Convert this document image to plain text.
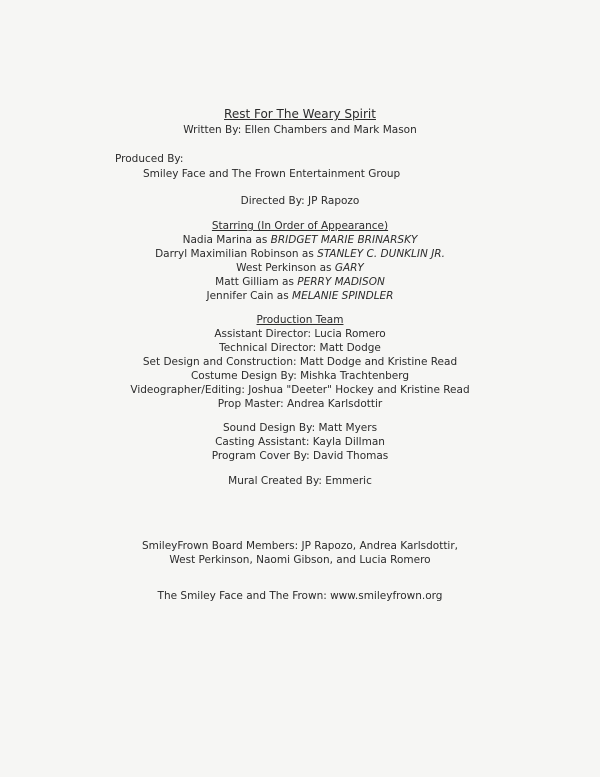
Rest For The Weary Spirit
Written By: Ellen Chambers and Mark Mason
Produced By:
Smiley Face and The Frown Entertainment Group
Directed By: JP Rapozo
Starring (In Order of Appearance)
Nadia Marina as BRIDGET MARIE BRINARSKY
Darryl Maximilian Robinson as STANLEY C. DUNKLIN JR.
West Perkinson as GARY
Matt Gilliam as PERRY MADISON
Jennifer Cain as MELANIE SPINDLER
Production Team
Assistant Director: Lucia Romero
Technical Director: Matt Dodge
Set Design and Construction: Matt Dodge and Kristine Read
Costume Design By: Mishka Trachtenberg
Videographer/Editing: Joshua "Deeter" Hockey and Kristine Read
Prop Master: Andrea Karlsdottir
Sound Design By: Matt Myers
Casting Assistant: Kayla Dillman
Program Cover By: David Thomas
Mural Created By: Emmeric
SmileyFrown Board Members: JP Rapozo, Andrea Karlsdottir,
West Perkinson, Naomi Gibson, and Lucia Romero
The Smiley Face and The Frown: www.smileyfrown.org
